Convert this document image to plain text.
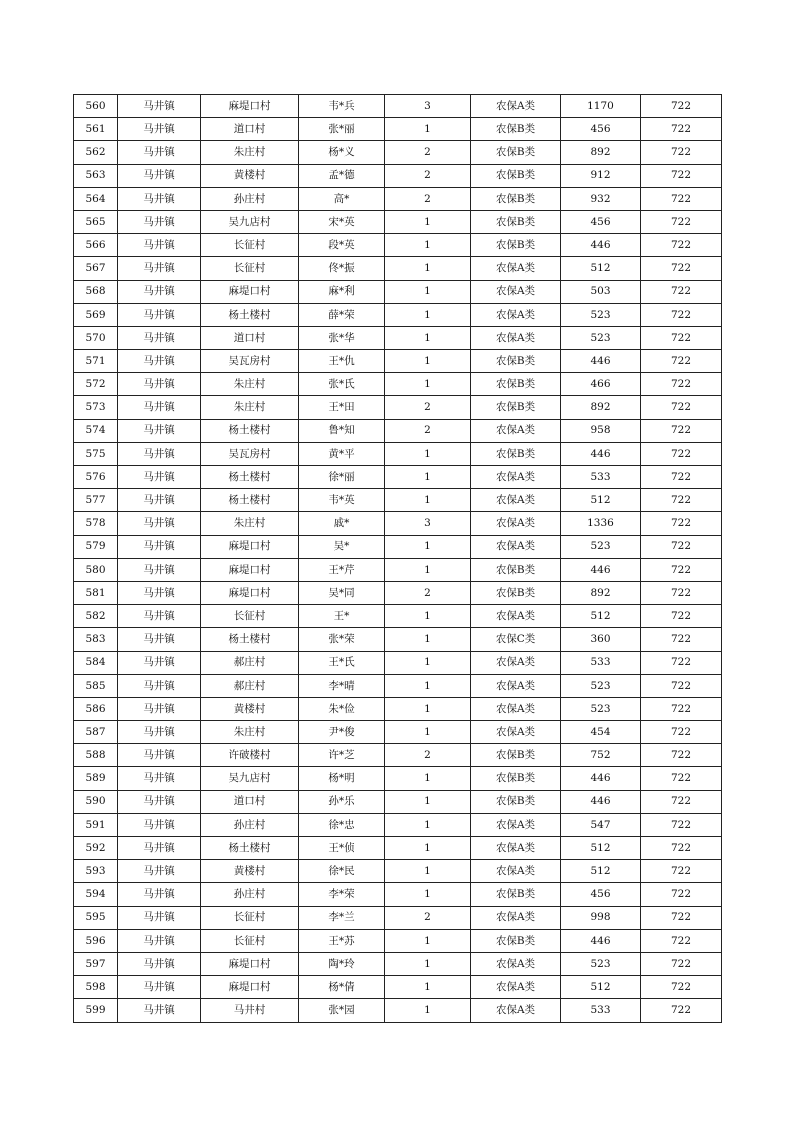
560	马井镇	麻堤口村	韦*兵	3	农保A类	1170	722
561	马井镇	道口村	张*丽	1	农保B类	456	722
562	马井镇	朱庄村	杨*义	2	农保B类	892	722
563	马井镇	黄楼村	孟*德	2	农保B类	912	722
564	马井镇	孙庄村	高*	2	农保B类	932	722
565	马井镇	吴九店村	宋*英	1	农保B类	456	722
566	马井镇	长征村	段*英	1	农保B类	446	722
567	马井镇	长征村	佟*振	1	农保A类	512	722
568	马井镇	麻堤口村	麻*利	1	农保A类	503	722
569	马井镇	杨土楼村	薛*荣	1	农保A类	523	722
570	马井镇	道口村	张*华	1	农保A类	523	722
571	马井镇	吴瓦房村	王*仇	1	农保B类	446	722
572	马井镇	朱庄村	张*氏	1	农保B类	466	722
573	马井镇	朱庄村	王*田	2	农保B类	892	722
574	马井镇	杨土楼村	鲁*知	2	农保A类	958	722
575	马井镇	吴瓦房村	黄*平	1	农保B类	446	722
576	马井镇	杨土楼村	徐*丽	1	农保A类	533	722
577	马井镇	杨土楼村	韦*英	1	农保A类	512	722
578	马井镇	朱庄村	戚*	3	农保A类	1336	722
579	马井镇	麻堤口村	吴*	1	农保A类	523	722
580	马井镇	麻堤口村	王*芹	1	农保B类	446	722
581	马井镇	麻堤口村	吴*同	2	农保B类	892	722
582	马井镇	长征村	王*	1	农保A类	512	722
583	马井镇	杨土楼村	张*荣	1	农保C类	360	722
584	马井镇	郝庄村	王*氏	1	农保A类	533	722
585	马井镇	郝庄村	李*晴	1	农保A类	523	722
586	马井镇	黄楼村	朱*俭	1	农保A类	523	722
587	马井镇	朱庄村	尹*俊	1	农保A类	454	722
588	马井镇	许破楼村	许*芝	2	农保B类	752	722
589	马井镇	吴九店村	杨*明	1	农保B类	446	722
590	马井镇	道口村	孙*乐	1	农保B类	446	722
591	马井镇	孙庄村	徐*忠	1	农保A类	547	722
592	马井镇	杨土楼村	王*侦	1	农保A类	512	722
593	马井镇	黄楼村	徐*民	1	农保A类	512	722
594	马井镇	孙庄村	李*荣	1	农保B类	456	722
595	马井镇	长征村	李*兰	2	农保A类	998	722
596	马井镇	长征村	王*苏	1	农保B类	446	722
597	马井镇	麻堤口村	陶*玲	1	农保A类	523	722
598	马井镇	麻堤口村	杨*倩	1	农保A类	512	722
599	马井镇	马井村	张*园	1	农保A类	533	722
